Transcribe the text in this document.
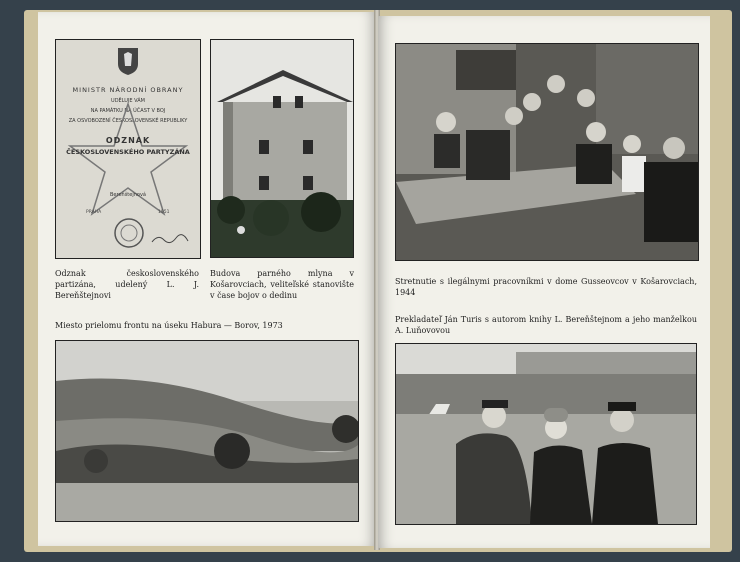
MINISTR NÁRODNÍ OBRANY
UDĚLUJE VÁM
NA PAMÁTKU NA ÚČAST V BOJ
ZA OSVOBOZENÍ ČESKOSLOVENSKÉ REPUBLIKY
ODZNAK
ČESKOSLOVENSKÉHO PARTYZÁNA
Bereňštejnová
PRAHA	1951
Odznak československého partizána, udelený L. J. Bereňštejnovi
Budova parného mlyna v Košarovciach, veliteľské stanovište v čase bojov o dedinu
Miesto prielomu frontu na úseku Habura — Borov, 1973
Stretnutie s ilegálnymi pracovníkmi v dome Gusseovcov v Košarovciach, 1944
Prekladateľ Ján Turis s autorom knihy L. Bereňštejnom a jeho manželkou A. Luňovovou
